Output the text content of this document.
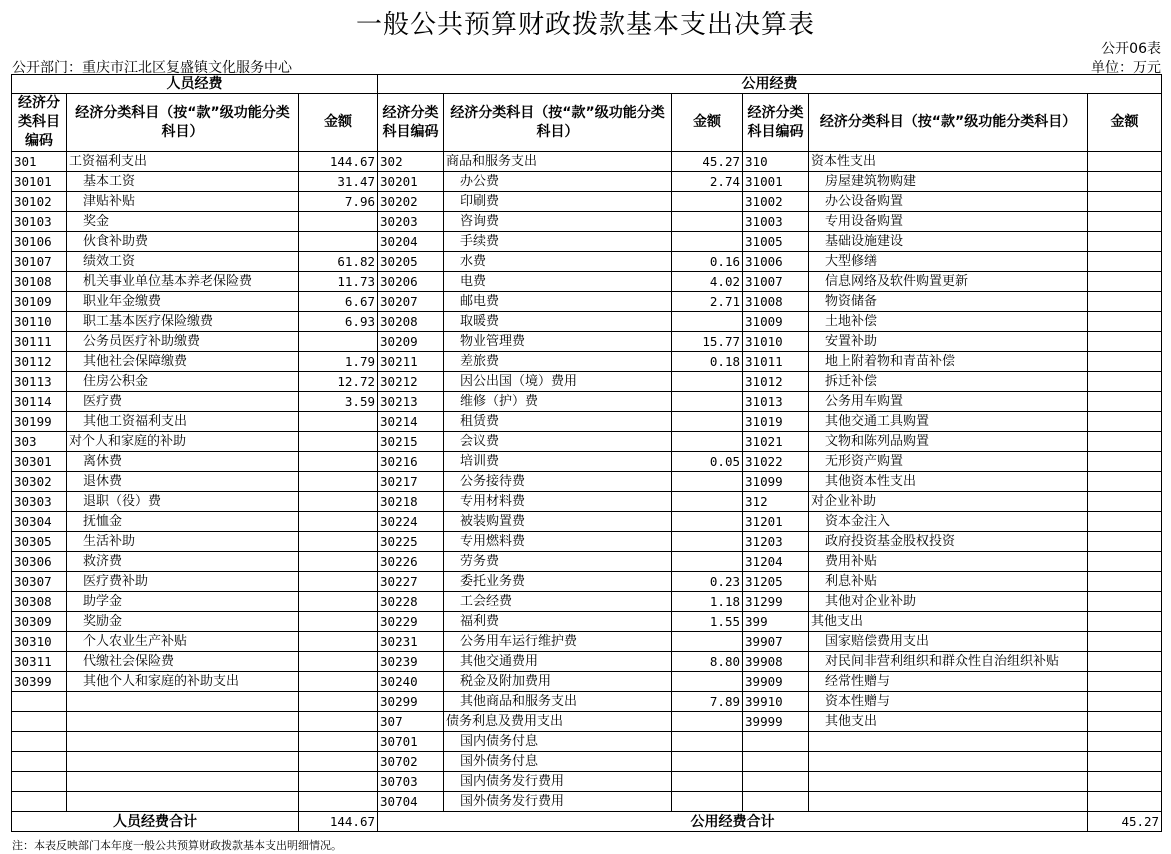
一般公共预算财政拨款基本支出决算表
公开06表
公开部门：重庆市江北区复盛镇文化服务中心	单位：万元
人员经费			公用经费					
经济分类科目编码	经济分类科目（按“款”级功能分类科目）	金额	经济分类科目编码	经济分类科目（按“款”级功能分类科目）	金额	经济分类科目编码	经济分类科目（按“款”级功能分类科目）	金额
301	工资福利支出	144.67	302	商品和服务支出	45.27	310	资本性支出	
30101	基本工资	31.47	30201	办公费	2.74	31001	房屋建筑物购建	
30102	津贴补贴	7.96	30202	印刷费		31002	办公设备购置	
30103	奖金		30203	咨询费		31003	专用设备购置	
30106	伙食补助费		30204	手续费		31005	基础设施建设	
30107	绩效工资	61.82	30205	水费	0.16	31006	大型修缮	
30108	机关事业单位基本养老保险费	11.73	30206	电费	4.02	31007	信息网络及软件购置更新	
30109	职业年金缴费	6.67	30207	邮电费	2.71	31008	物资储备	
30110	职工基本医疗保险缴费	6.93	30208	取暖费		31009	土地补偿	
30111	公务员医疗补助缴费		30209	物业管理费	15.77	31010	安置补助	
30112	其他社会保障缴费	1.79	30211	差旅费	0.18	31011	地上附着物和青苗补偿	
30113	住房公积金	12.72	30212	因公出国（境）费用		31012	拆迁补偿	
30114	医疗费	3.59	30213	维修（护）费		31013	公务用车购置	
30199	其他工资福利支出		30214	租赁费		31019	其他交通工具购置	
303	对个人和家庭的补助		30215	会议费		31021	文物和陈列品购置	
30301	离休费		30216	培训费	0.05	31022	无形资产购置	
30302	退休费		30217	公务接待费		31099	其他资本性支出	
30303	退职（役）费		30218	专用材料费		312	对企业补助	
30304	抚恤金		30224	被装购置费		31201	资本金注入	
30305	生活补助		30225	专用燃料费		31203	政府投资基金股权投资	
30306	救济费		30226	劳务费		31204	费用补贴	
30307	医疗费补助		30227	委托业务费	0.23	31205	利息补贴	
30308	助学金		30228	工会经费	1.18	31299	其他对企业补助	
30309	奖励金		30229	福利费	1.55	399	其他支出	
30310	个人农业生产补贴		30231	公务用车运行维护费		39907	国家赔偿费用支出	
30311	代缴社会保险费		30239	其他交通费用	8.80	39908	对民间非营利组织和群众性自治组织补贴	
30399	其他个人和家庭的补助支出		30240	税金及附加费用		39909	经常性赠与	
			30299	其他商品和服务支出	7.89	39910	资本性赠与	
			307	债务利息及费用支出		39999	其他支出	
			30701	国内债务付息				
			30702	国外债务付息				
			30703	国内债务发行费用				
			30704	国外债务发行费用				
人员经费合计		144.67	公用经费合计					45.27
注：本表反映部门本年度一般公共预算财政拨款基本支出明细情况。
